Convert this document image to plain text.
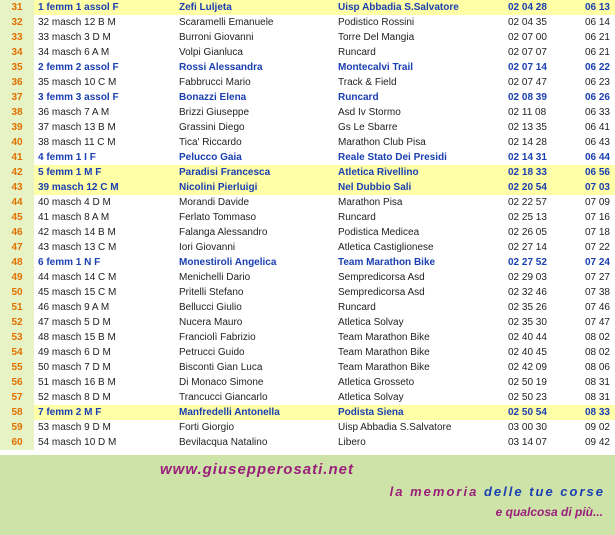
31	1 femm 1 assol F	Zefi Luljeta	Uisp Abbadia S.Salvatore	02 04 28	06 13
32	32 masch 12 B M	Scaramelli Emanuele	Podistico Rossini	02 04 35	06 14
33	33 masch 3 D M	Burroni Giovanni	Torre Del Mangia	02 07 00	06 21
34	34 masch 6 A M	Volpi Gianluca	Runcard	02 07 07	06 21
35	2 femm 2 assol F	Rossi Alessandra	Montecalvi Trail	02 07 14	06 22
36	35 masch 10 C M	Fabbrucci Mario	Track & Field	02 07 47	06 23
37	3 femm 3 assol F	Bonazzi Elena	Runcard	02 08 39	06 26
38	36 masch 7 A M	Brizzi Giuseppe	Asd Iv Stormo	02 11 08	06 33
39	37 masch 13 B M	Grassini Diego	Gs Le Sbarre	02 13 35	06 41
40	38 masch 11 C M	Tica' Riccardo	Marathon Club Pisa	02 14 28	06 43
41	4 femm 1 I F	Pelucco Gaia	Reale Stato Dei Presidi	02 14 31	06 44
42	5 femm 1 M F	Paradisi Francesca	Atletica Rivellino	02 18 33	06 56
43	39 masch 12 C M	Nicolini Pierluigi	Nel Dubbio Sali	02 20 54	07 03
44	40 masch 4 D M	Morandi Davide	Marathon Pisa	02 22 57	07 09
45	41 masch 8 A M	Ferlato Tommaso	Runcard	02 25 13	07 16
46	42 masch 14 B M	Falanga Alessandro	Podistica Medicea	02 26 05	07 18
47	43 masch 13 C M	Iori Giovanni	Atletica Castiglionese	02 27 14	07 22
48	6 femm 1 N F	Monestiroli Angelica	Team Marathon Bike	02 27 52	07 24
49	44 masch 14 C M	Menichelli Dario	Sempredicorsa Asd	02 29 03	07 27
50	45 masch 15 C M	Pritelli Stefano	Sempredicorsa Asd	02 32 46	07 38
51	46 masch 9 A M	Bellucci Giulio	Runcard	02 35 26	07 46
52	47 masch 5 D M	Nucera Mauro	Atletica Solvay	02 35 30	07 47
53	48 masch 15 B M	Franciolì Fabrizio	Team Marathon Bike	02 40 44	08 02
54	49 masch 6 D M	Petrucci Guido	Team Marathon Bike	02 40 45	08 02
55	50 masch 7 D M	Bisconti Gian Luca	Team Marathon Bike	02 42 09	08 06
56	51 masch 16 B M	Di Monaco Simone	Atletica Grosseto	02 50 19	08 31
57	52 masch 8 D M	Trancucci Giancarlo	Atletica Solvay	02 50 23	08 31
58	7 femm 2 M F	Manfredelli Antonella	Podista Siena	02 50 54	08 33
59	53 masch 9 D M	Forti Giorgio	Uisp Abbadia S.Salvatore	03 00 30	09 02
60	54 masch 10 D M	Bevilacqua Natalino	Libero	03 14 07	09 42
www.giusepperosati.net
la memoria delle tue corse
e qualcosa di più...
